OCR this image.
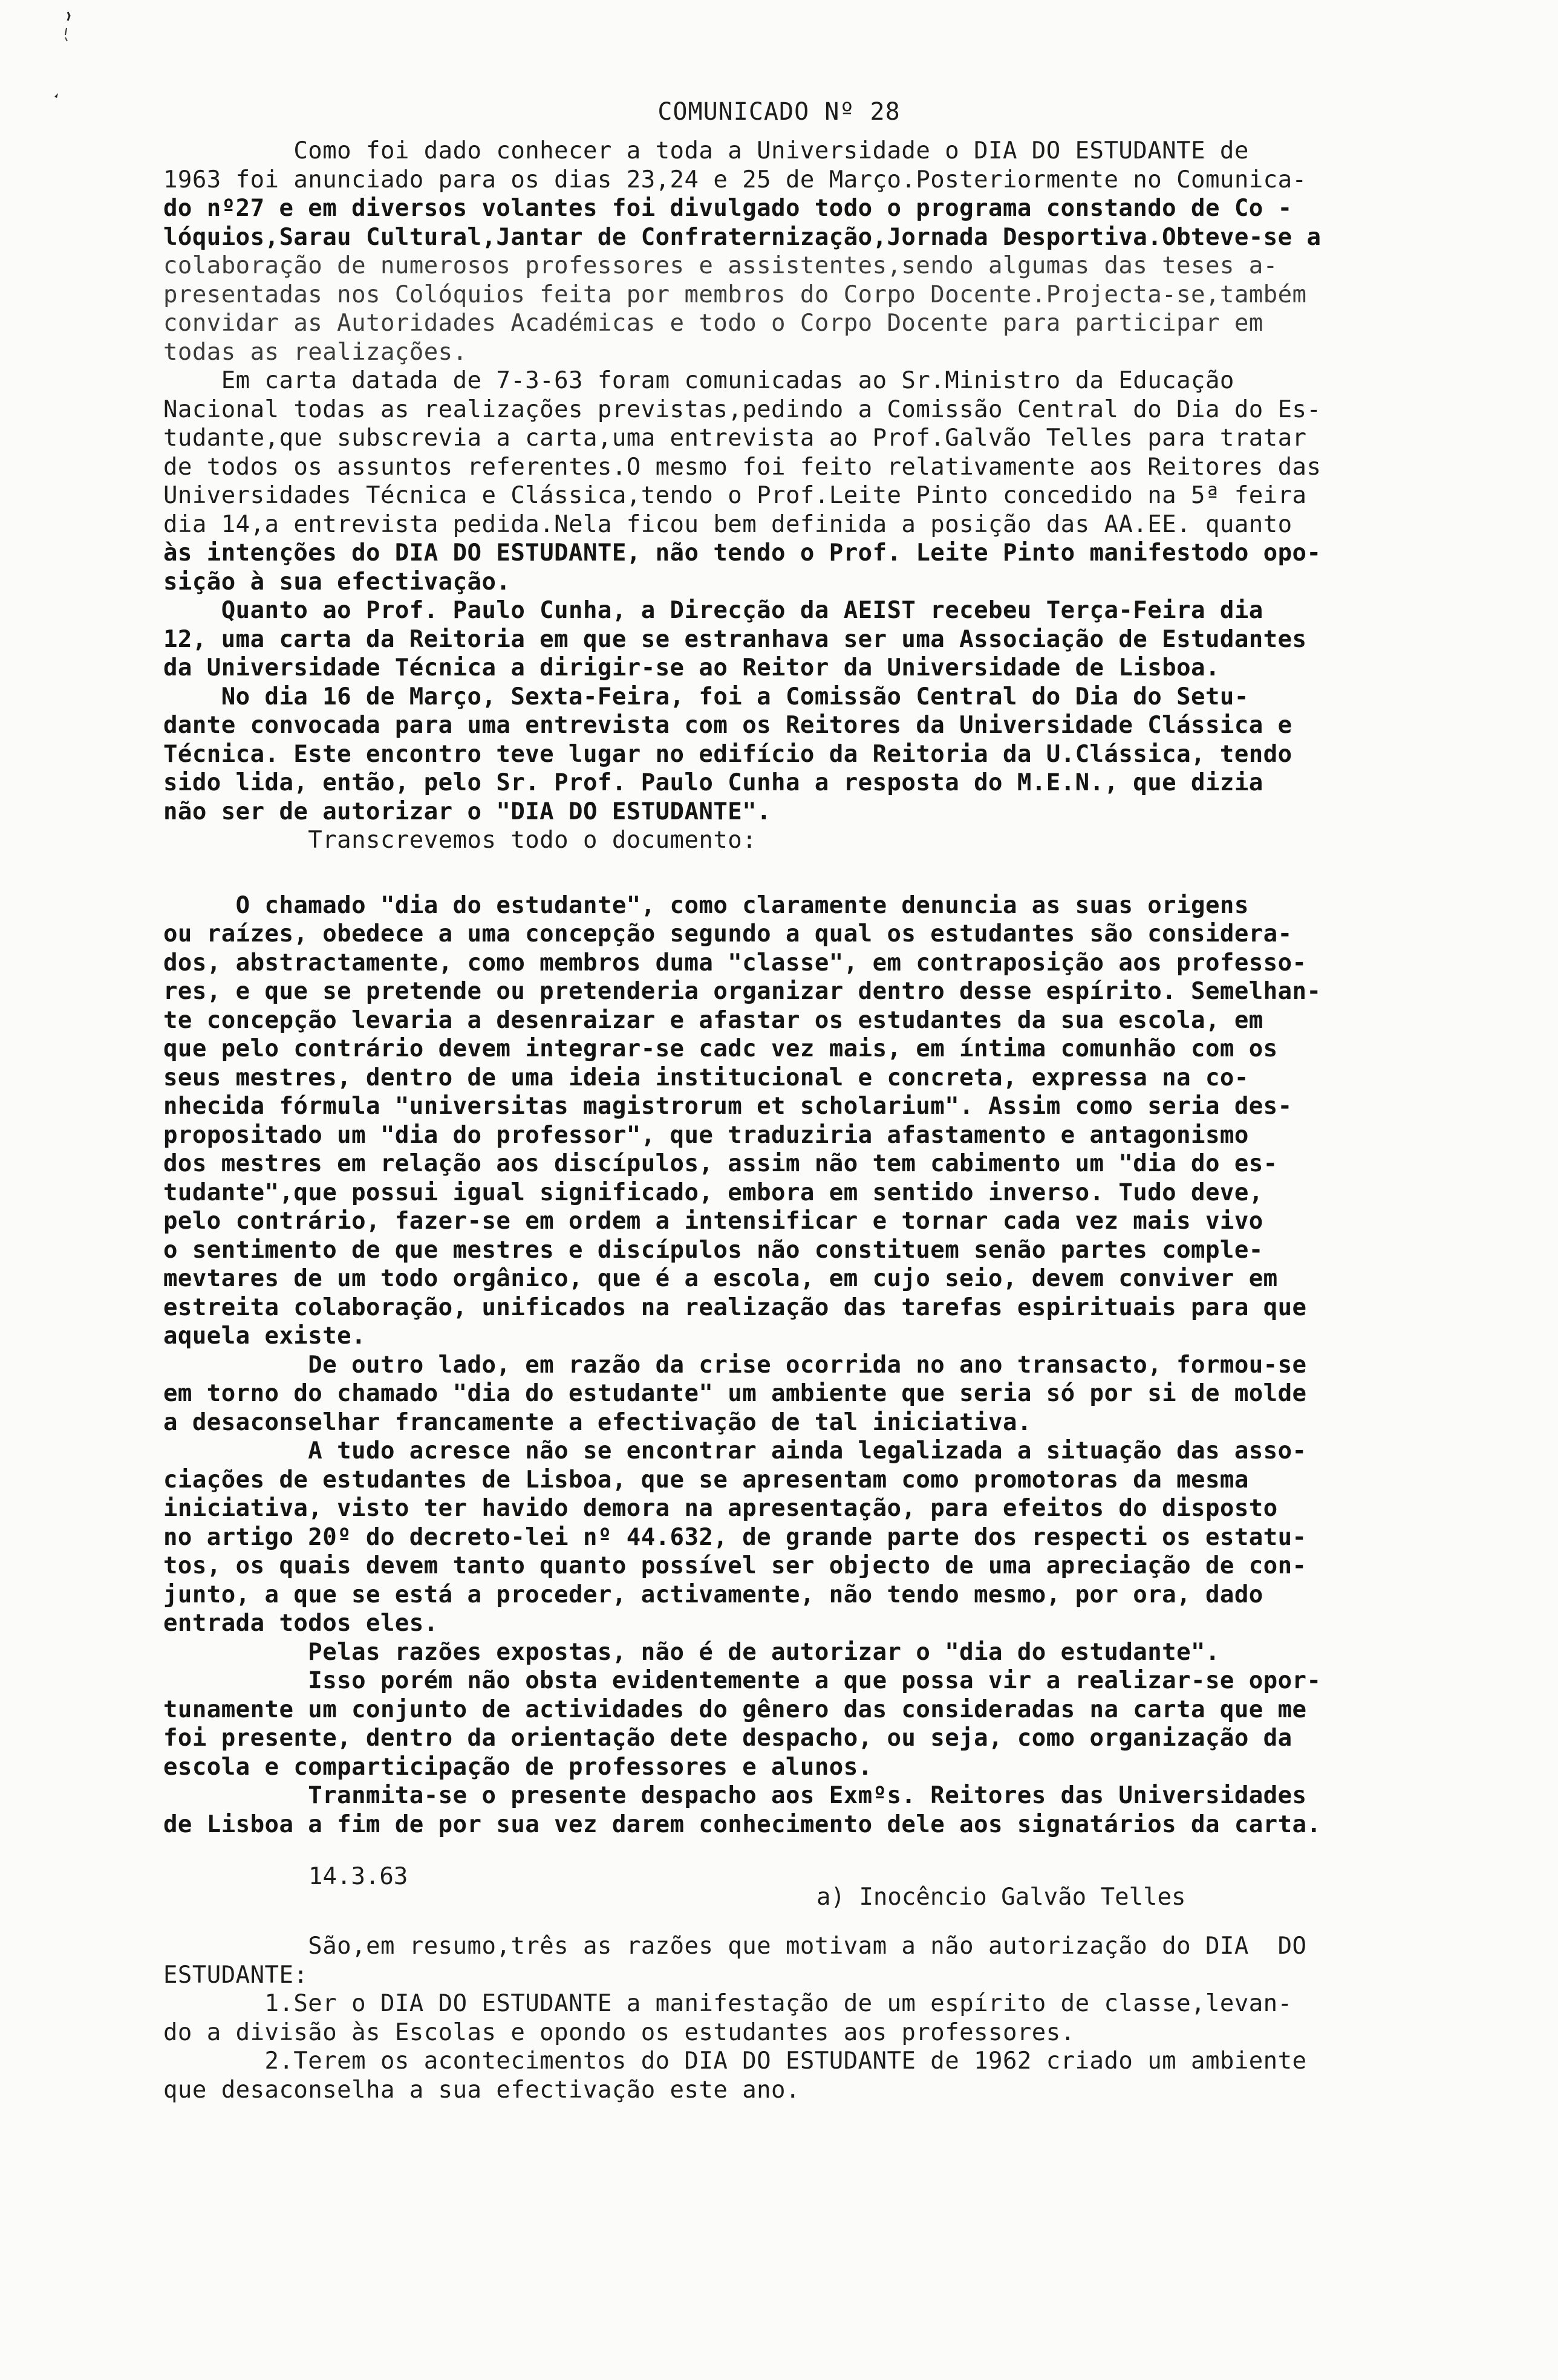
COMUNICADO Nº 28
Como foi dado conhecer a toda a Universidade o DIA DO ESTUDANTE de
1963 foi anunciado para os dias 23,24 e 25 de Março.Posteriormente no Comunica-
do nº27 e em diversos volantes foi divulgado todo o programa constando de Co -
lóquios,Sarau Cultural,Jantar de Confraternização,Jornada Desportiva.Obteve-se a
colaboração de numerosos professores e assistentes,sendo algumas das teses a-
presentadas nos Colóquios feita por membros do Corpo Docente.Projecta-se,também
convidar as Autoridades Académicas e todo o Corpo Docente para participar em
todas as realizações.
Em carta datada de 7-3-63 foram comunicadas ao Sr.Ministro da Educação
Nacional todas as realizações previstas,pedindo a Comissão Central do Dia do Es-
tudante,que subscrevia a carta,uma entrevista ao Prof.Galvão Telles para tratar
de todos os assuntos referentes.O mesmo foi feito relativamente aos Reitores das
Universidades Técnica e Clássica,tendo o Prof.Leite Pinto concedido na 5ª feira
dia 14,a entrevista pedida.Nela ficou bem definida a posição das AA.EE. quanto
às intenções do DIA DO ESTUDANTE, não tendo o Prof. Leite Pinto manifestodo opo-
sição à sua efectivação.
Quanto ao Prof. Paulo Cunha, a Direcção da AEIST recebeu Terça-Feira dia
12, uma carta da Reitoria em que se estranhava ser uma Associação de Estudantes
da Universidade Técnica a dirigir-se ao Reitor da Universidade de Lisboa.
No dia 16 de Março, Sexta-Feira, foi a Comissão Central do Dia do Setu-
dante convocada para uma entrevista com os Reitores da Universidade Clássica e
Técnica. Este encontro teve lugar no edifício da Reitoria da U.Clássica, tendo
sido lida, então, pelo Sr. Prof. Paulo Cunha a resposta do M.E.N., que dizia
não ser de autorizar o "DIA DO ESTUDANTE".
Transcrevemos todo o documento:
O chamado "dia do estudante", como claramente denuncia as suas origens
ou raízes, obedece a uma concepção segundo a qual os estudantes são considera-
dos, abstractamente, como membros duma "classe", em contraposição aos professo-
res, e que se pretende ou pretenderia organizar dentro desse espírito. Semelhan-
te concepção levaria a desenraizar e afastar os estudantes da sua escola, em
que pelo contrário devem integrar-se cadc vez mais, em íntima comunhão com os
seus mestres, dentro de uma ideia institucional e concreta, expressa na co-
nhecida fórmula "universitas magistrorum et scholarium". Assim como seria des-
propositado um "dia do professor", que traduziria afastamento e antagonismo
dos mestres em relação aos discípulos, assim não tem cabimento um "dia do es-
tudante",que possui igual significado, embora em sentido inverso. Tudo deve,
pelo contrário, fazer-se em ordem a intensificar e tornar cada vez mais vivo
o sentimento de que mestres e discípulos não constituem senão partes comple-
mevtares de um todo orgânico, que é a escola, em cujo seio, devem conviver em
estreita colaboração, unificados na realização das tarefas espirituais para que
aquela existe.
De outro lado, em razão da crise ocorrida no ano transacto, formou-se
em torno do chamado "dia do estudante" um ambiente que seria só por si de molde
a desaconselhar francamente a efectivação de tal iniciativa.
A tudo acresce não se encontrar ainda legalizada a situação das asso-
ciações de estudantes de Lisboa, que se apresentam como promotoras da mesma
iniciativa, visto ter havido demora na apresentação, para efeitos do disposto
no artigo 20º do decreto-lei nº 44.632, de grande parte dos respecti os estatu-
tos, os quais devem tanto quanto possível ser objecto de uma apreciação de con-
junto, a que se está a proceder, activamente, não tendo mesmo, por ora, dado
entrada todos eles.
Pelas razões expostas, não é de autorizar o "dia do estudante".
Isso porém não obsta evidentemente a que possa vir a realizar-se opor-
tunamente um conjunto de actividades do gênero das consideradas na carta que me
foi presente, dentro da orientação dete despacho, ou seja, como organização da
escola e comparticipação de professores e alunos.
Tranmita-se o presente despacho aos Exmºs. Reitores das Universidades
de Lisboa a fim de por sua vez darem conhecimento dele aos signatários da carta.
14.3.63
a) Inocêncio Galvão Telles
São,em resumo,três as razões que motivam a não autorização do DIA  DO
ESTUDANTE:
1.Ser o DIA DO ESTUDANTE a manifestação de um espírito de classe,levan-
do a divisão às Escolas e opondo os estudantes aos professores.
2.Terem os acontecimentos do DIA DO ESTUDANTE de 1962 criado um ambiente
que desaconselha a sua efectivação este ano.
